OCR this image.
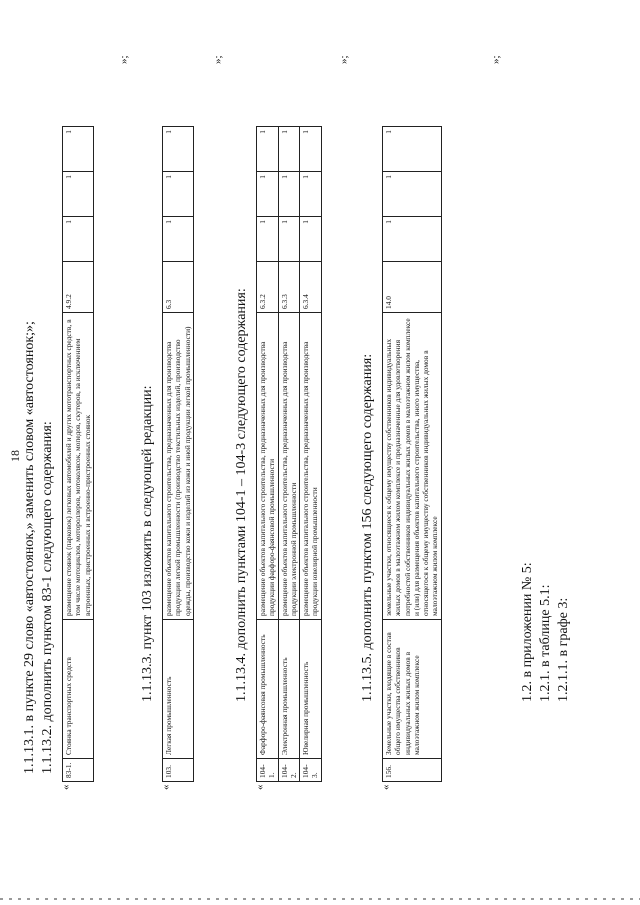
18 1.1.13.1. в пункте 29 слово «автостоянок,» заменить словом «автостоянок;»; 1.1.13.2. дополнить пунктом 83-1 следующего содержания:
«
83-1.	Стоянка транспортных средств	размещение стоянок (парковок) легковых автомобилей и других мототранспортных средств, в том числе мотоциклов, мотороллеров, мотоколясок, мопедов, скутеров, за исключением встроенных, пристроенных и встроенно-пристроенных стоянок	4.9.2	1	1	1
»;
1.1.13.3. пункт 103 изложить в следующей редакции:
«
103.	Легкая промышленность	размещение объектов капитального строительства, предназначенных для производства продукции легкой промышленности (производство текстильных изделий, производство одежды, производство кожи и изделий из кожи и иной продукции легкой промышленности)	6.3	1	1	1
»;
1.1.13.4. дополнить пунктами 104-1 – 104-3 следующего содержания:
«
104-1.	Фарфоро-фаянсовая промышленность	размещение объектов капитального строительства, предназначенных для производства продукции фарфоро-фаянсовой промышленности	6.3.2	1	1	1
104-2.	Электронная промышленность	размещение объектов капитального строительства, предназначенных для производства продукции электронной промышленности	6.3.3	1	1	1
104-3.	Ювелирная промышленность	размещение объектов капитального строительства, предназначенных для производства продукции ювелирной промышленности	6.3.4	1	1	1
»;
1.1.13.5. дополнить пунктом 156 следующего содержания:
«
156.	Земельные участки, входящие в состав общего имущества собственников индивидуальных жилых домов в малоэтажном жилом комплексе	земельные участки, относящиеся к общему имуществу собственников индивидуальных жилых домов в малоэтажном жилом комплексе и предназначенные для удовлетворения потребностей собственников индивидуальных жилых домов в малоэтажном жилом комплексе и (или) для размещения объектов капитального строительства, иного имущества, относящегося к общему имуществу собственников индивидуальных жилых домов в малоэтажном жилом комплексе	14.0	1	1	1
»;
1.2. в приложении № 5: 1.2.1. в таблице 5.1: 1.2.1.1. в графе 3:
